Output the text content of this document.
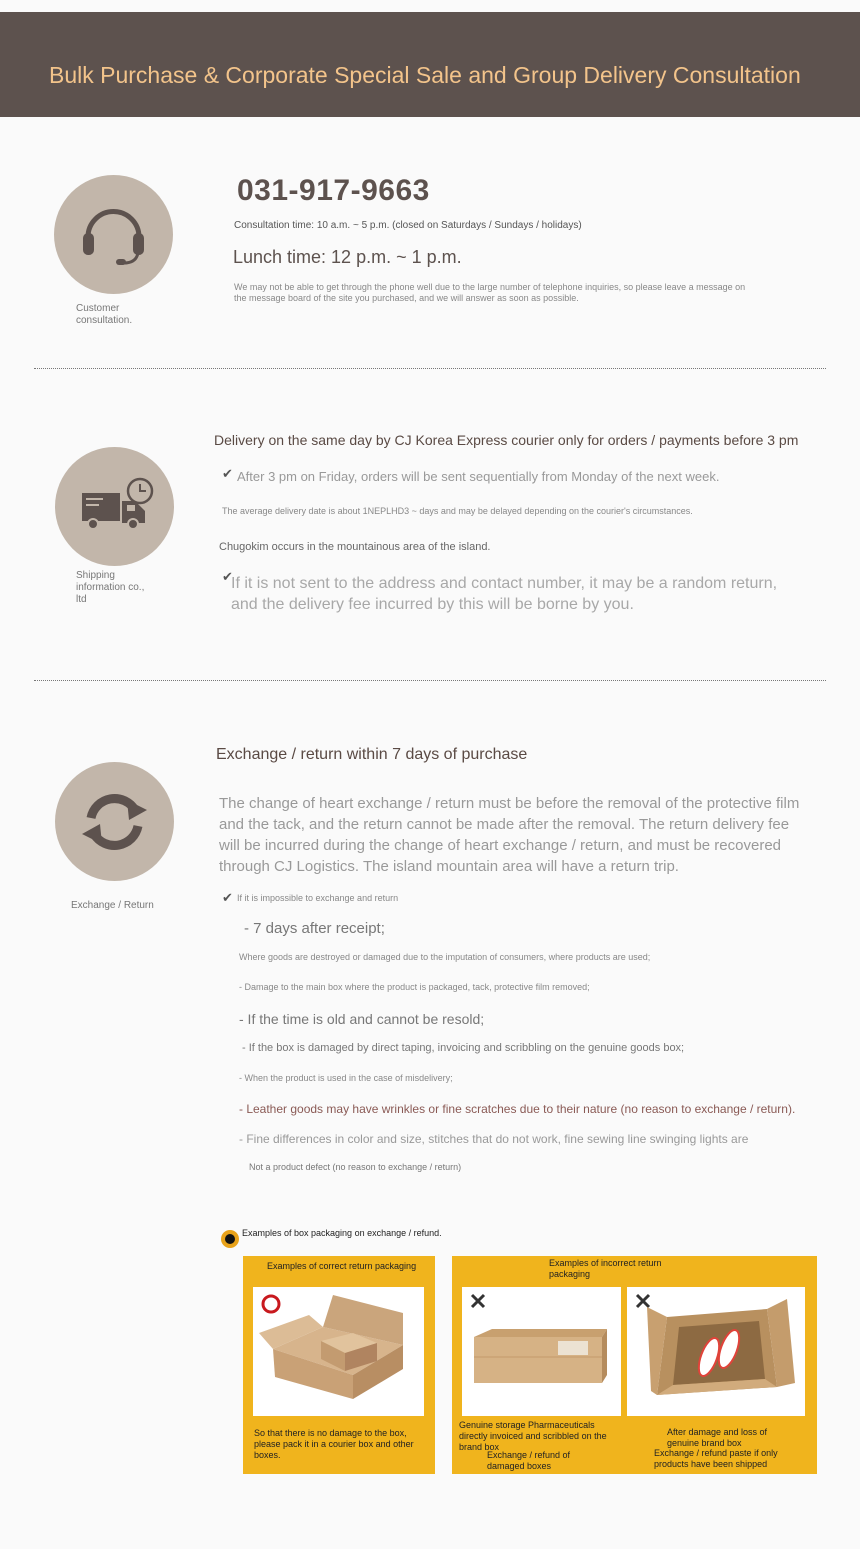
Bulk Purchase & Corporate Special Sale and Group Delivery Consultation
Customer consultation.
031-917-9663
Consultation time: 10 a.m. ~ 5 p.m. (closed on Saturdays / Sundays / holidays)
Lunch time: 12 p.m. ~ 1 p.m.
We may not be able to get through the phone well due to the large number of telephone inquiries, so please leave a message on the message board of the site you purchased, and we will answer as soon as possible.
Shipping information co., ltd
Delivery on the same day by CJ Korea Express courier only for orders / payments before 3 pm
✔ After 3 pm on Friday, orders will be sent sequentially from Monday of the next week.
The average delivery date is about 1NEPLHD3 ~ days and may be delayed depending on the courier's circumstances.
Chugokim occurs in the mountainous area of the island.
✔
If it is not sent to the address and contact number, it may be a random return, and the delivery fee incurred by this will be borne by you.
Exchange / Return
Exchange / return within 7 days of purchase
The change of heart exchange / return must be before the removal of the protective film and the tack, and the return cannot be made after the removal. The return delivery fee will be incurred during the change of heart exchange / return, and must be recovered through CJ Logistics. The island mountain area will have a return trip.
✔ If it is impossible to exchange and return
- 7 days after receipt;
Where goods are destroyed or damaged due to the imputation of consumers, where products are used;
- Damage to the main box where the product is packaged, tack, protective film removed;
- If the time is old and cannot be resold;
- If the box is damaged by direct taping, invoicing and scribbling on the genuine goods box;
- When the product is used in the case of misdelivery;
- Leather goods may have wrinkles or fine scratches due to their nature (no reason to exchange / return).
- Fine differences in color and size, stitches that do not work, fine sewing line swinging lights are
Not a product defect (no reason to exchange / return)
Examples of box packaging on exchange / refund.
Examples of correct return packaging
So that there is no damage to the box, please pack it in a courier box and other boxes.
Examples of incorrect return packaging
Genuine storage Pharmaceuticals directly invoiced and scribbled on the brand box
Exchange / refund of damaged boxes
After damage and loss of genuine brand box
Exchange / refund paste if only products have been shipped
